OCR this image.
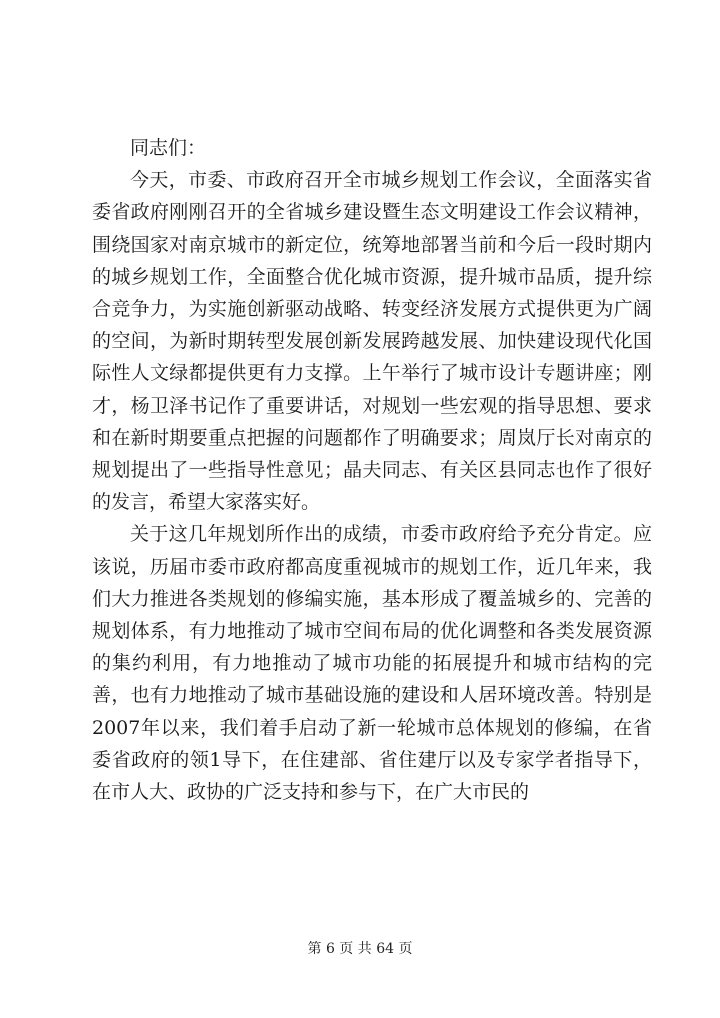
同志们：

今天，市委、市政府召开全市城乡规划工作会议，全面落实省委省政府刚刚召开的全省城乡建设暨生态文明建设工作会议精神，围绕国家对南京城市的新定位，统筹地部署当前和今后一段时期内的城乡规划工作，全面整合优化城市资源，提升城市品质，提升综合竞争力，为实施创新驱动战略、转变经济发展方式提供更为广阔的空间，为新时期转型发展创新发展跨越发展、加快建设现代化国际性人文绿都提供更有力支撑。上午举行了城市设计专题讲座；刚才，杨卫泽书记作了重要讲话，对规划一些宏观的指导思想、要求和在新时期要重点把握的问题都作了明确要求；周岚厅长对南京的规划提出了一些指导性意见；晶夫同志、有关区县同志也作了很好的发言，希望大家落实好。

关于这几年规划所作出的成绩，市委市政府给予充分肯定。应该说，历届市委市政府都高度重视城市的规划工作，近几年来，我们大力推进各类规划的修编实施，基本形成了覆盖城乡的、完善的规划体系，有力地推动了城市空间布局的优化调整和各类发展资源的集约利用，有力地推动了城市功能的拓展提升和城市结构的完善，也有力地推动了城市基础设施的建设和人居环境改善。特别是2007年以来，我们着手启动了新一轮城市总体规划的修编，在省委省政府的领1导下，在住建部、省住建厅以及专家学者指导下，在市人大、政协的广泛支持和参与下，在广大市民的

第 6 页 共 64 页
